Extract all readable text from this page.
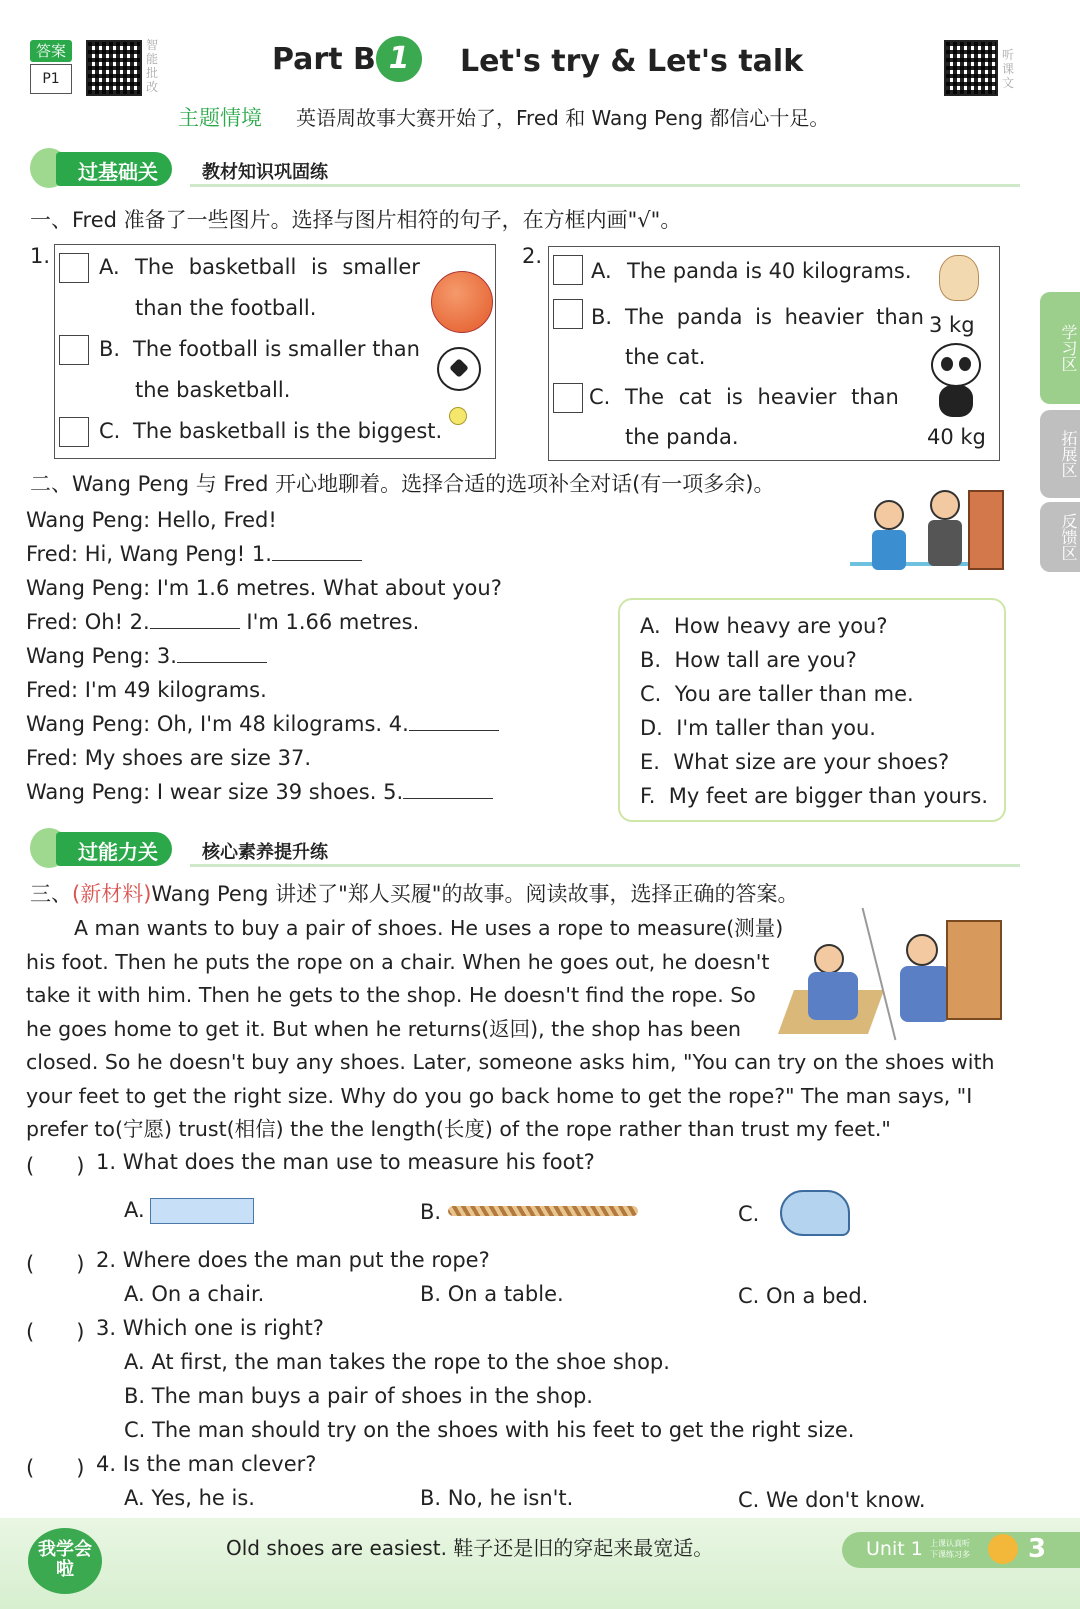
答案
P1
智能批改
Part B 1	Let's try & Let's talk	听课文
主题情境 英语周故事大赛开始了，Fred 和 Wang Peng 都信心十足。
过基础关	教材知识巩固练
一、Fred 准备了一些图片。选择与图片相符的句子，在方框内画"√"。
1. A. The basketball is smaller
than the football.
B. The football is smaller than
the basketball.
C. The basketball is the biggest.
2.
A. The panda is 40 kilograms.
B. The panda is heavier than
the cat.
C. The cat is heavier than
the panda.
3 kg
40 kg
二、Wang Peng 与 Fred 开心地聊着。选择合适的选项补全对话(有一项多余)。
Wang Peng: Hello, Fred!
Fred: Hi, Wang Peng! 1.
Wang Peng: I'm 1.6 metres. What about you?
Fred: Oh! 2.	I'm 1.66 metres.
Wang Peng: 3.
Fred: I'm 49 kilograms.
Wang Peng: Oh, I'm 48 kilograms. 4.
Fred: My shoes are size 37.
Wang Peng: I wear size 39 shoes. 5.
A. How heavy are you?
B. How tall are you?
C. You are taller than me.
D. I'm taller than you.
E. What size are your shoes?
F. My feet are bigger than yours.
过能力关	核心素养提升练
三、(新材料)Wang Peng 讲述了"郑人买履"的故事。阅读故事，选择正确的答案。
A man wants to buy a pair of shoes. He uses a rope to measure(测量)
his foot. Then he puts the rope on a chair. When he goes out, he doesn't
take it with him. Then he gets to the shop. He doesn't find the rope. So
he goes home to get it. But when he returns(返回), the shop has been
closed. So he doesn't buy any shoes. Later, someone asks him, "You can try on the shoes with
your feet to get the right size. Why do you go back home to get the rope?" The man says, "I
prefer to(宁愿) trust(相信) the the length(长度) of the rope rather than trust my feet."
(　　) 1. What does the man use to measure his foot?
A.	B.	C.
(　　) 2. Where does the man put the rope?
A. On a chair.	B. On a table.	C. On a bed.
(　　) 3. Which one is right?
A. At first, the man takes the rope to the shoe shop.
B. The man buys a pair of shoes in the shop.
C. The man should try on the shoes with his feet to get the right size.
(　　) 4. Is the man clever?
A. Yes, he is.	B. No, he isn't.	C. We don't know.
学习区
拓展区
反馈区
我学会啦
Old shoes are easiest. 鞋子还是旧的穿起来最宽适。	Unit 1 上课认真听 下课练习多	3
